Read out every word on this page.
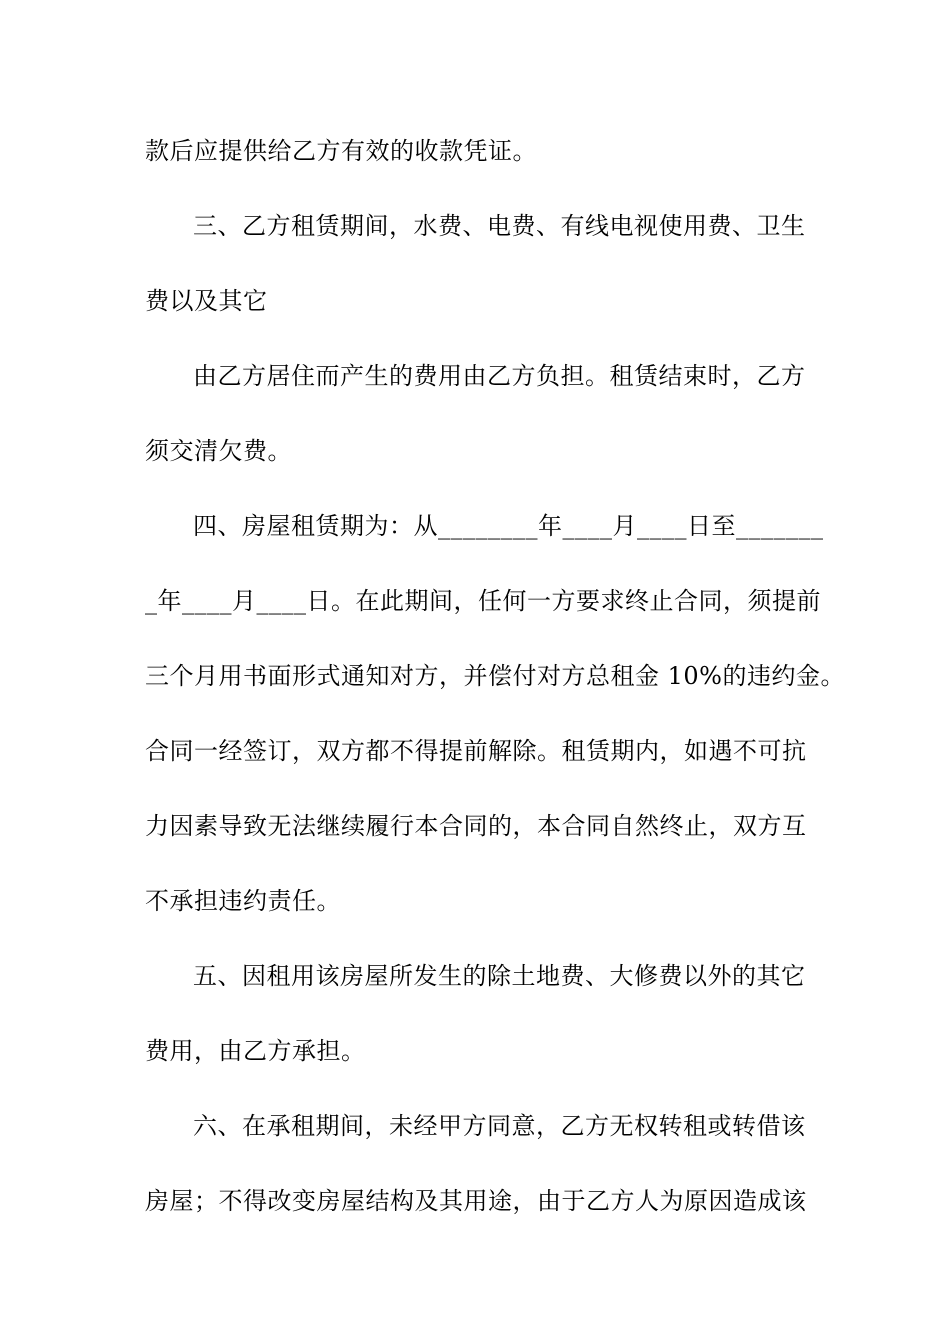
款后应提供给乙方有效的收款凭证。
三、乙方租赁期间，水费、电费、有线电视使用费、卫生
费以及其它
由乙方居住而产生的费用由乙方负担。租赁结束时，乙方
须交清欠费。
四、房屋租赁期为：从________年____月____日至_______
_年____月____日。在此期间，任何一方要求终止合同，须提前
三个月用书面形式通知对方，并偿付对方总租金 10%的违约金。
合同一经签订，双方都不得提前解除。租赁期内，如遇不可抗
力因素导致无法继续履行本合同的，本合同自然终止，双方互
不承担违约责任。
五、因租用该房屋所发生的除土地费、大修费以外的其它
费用，由乙方承担。
六、在承租期间，未经甲方同意，乙方无权转租或转借该
房屋；不得改变房屋结构及其用途，由于乙方人为原因造成该
